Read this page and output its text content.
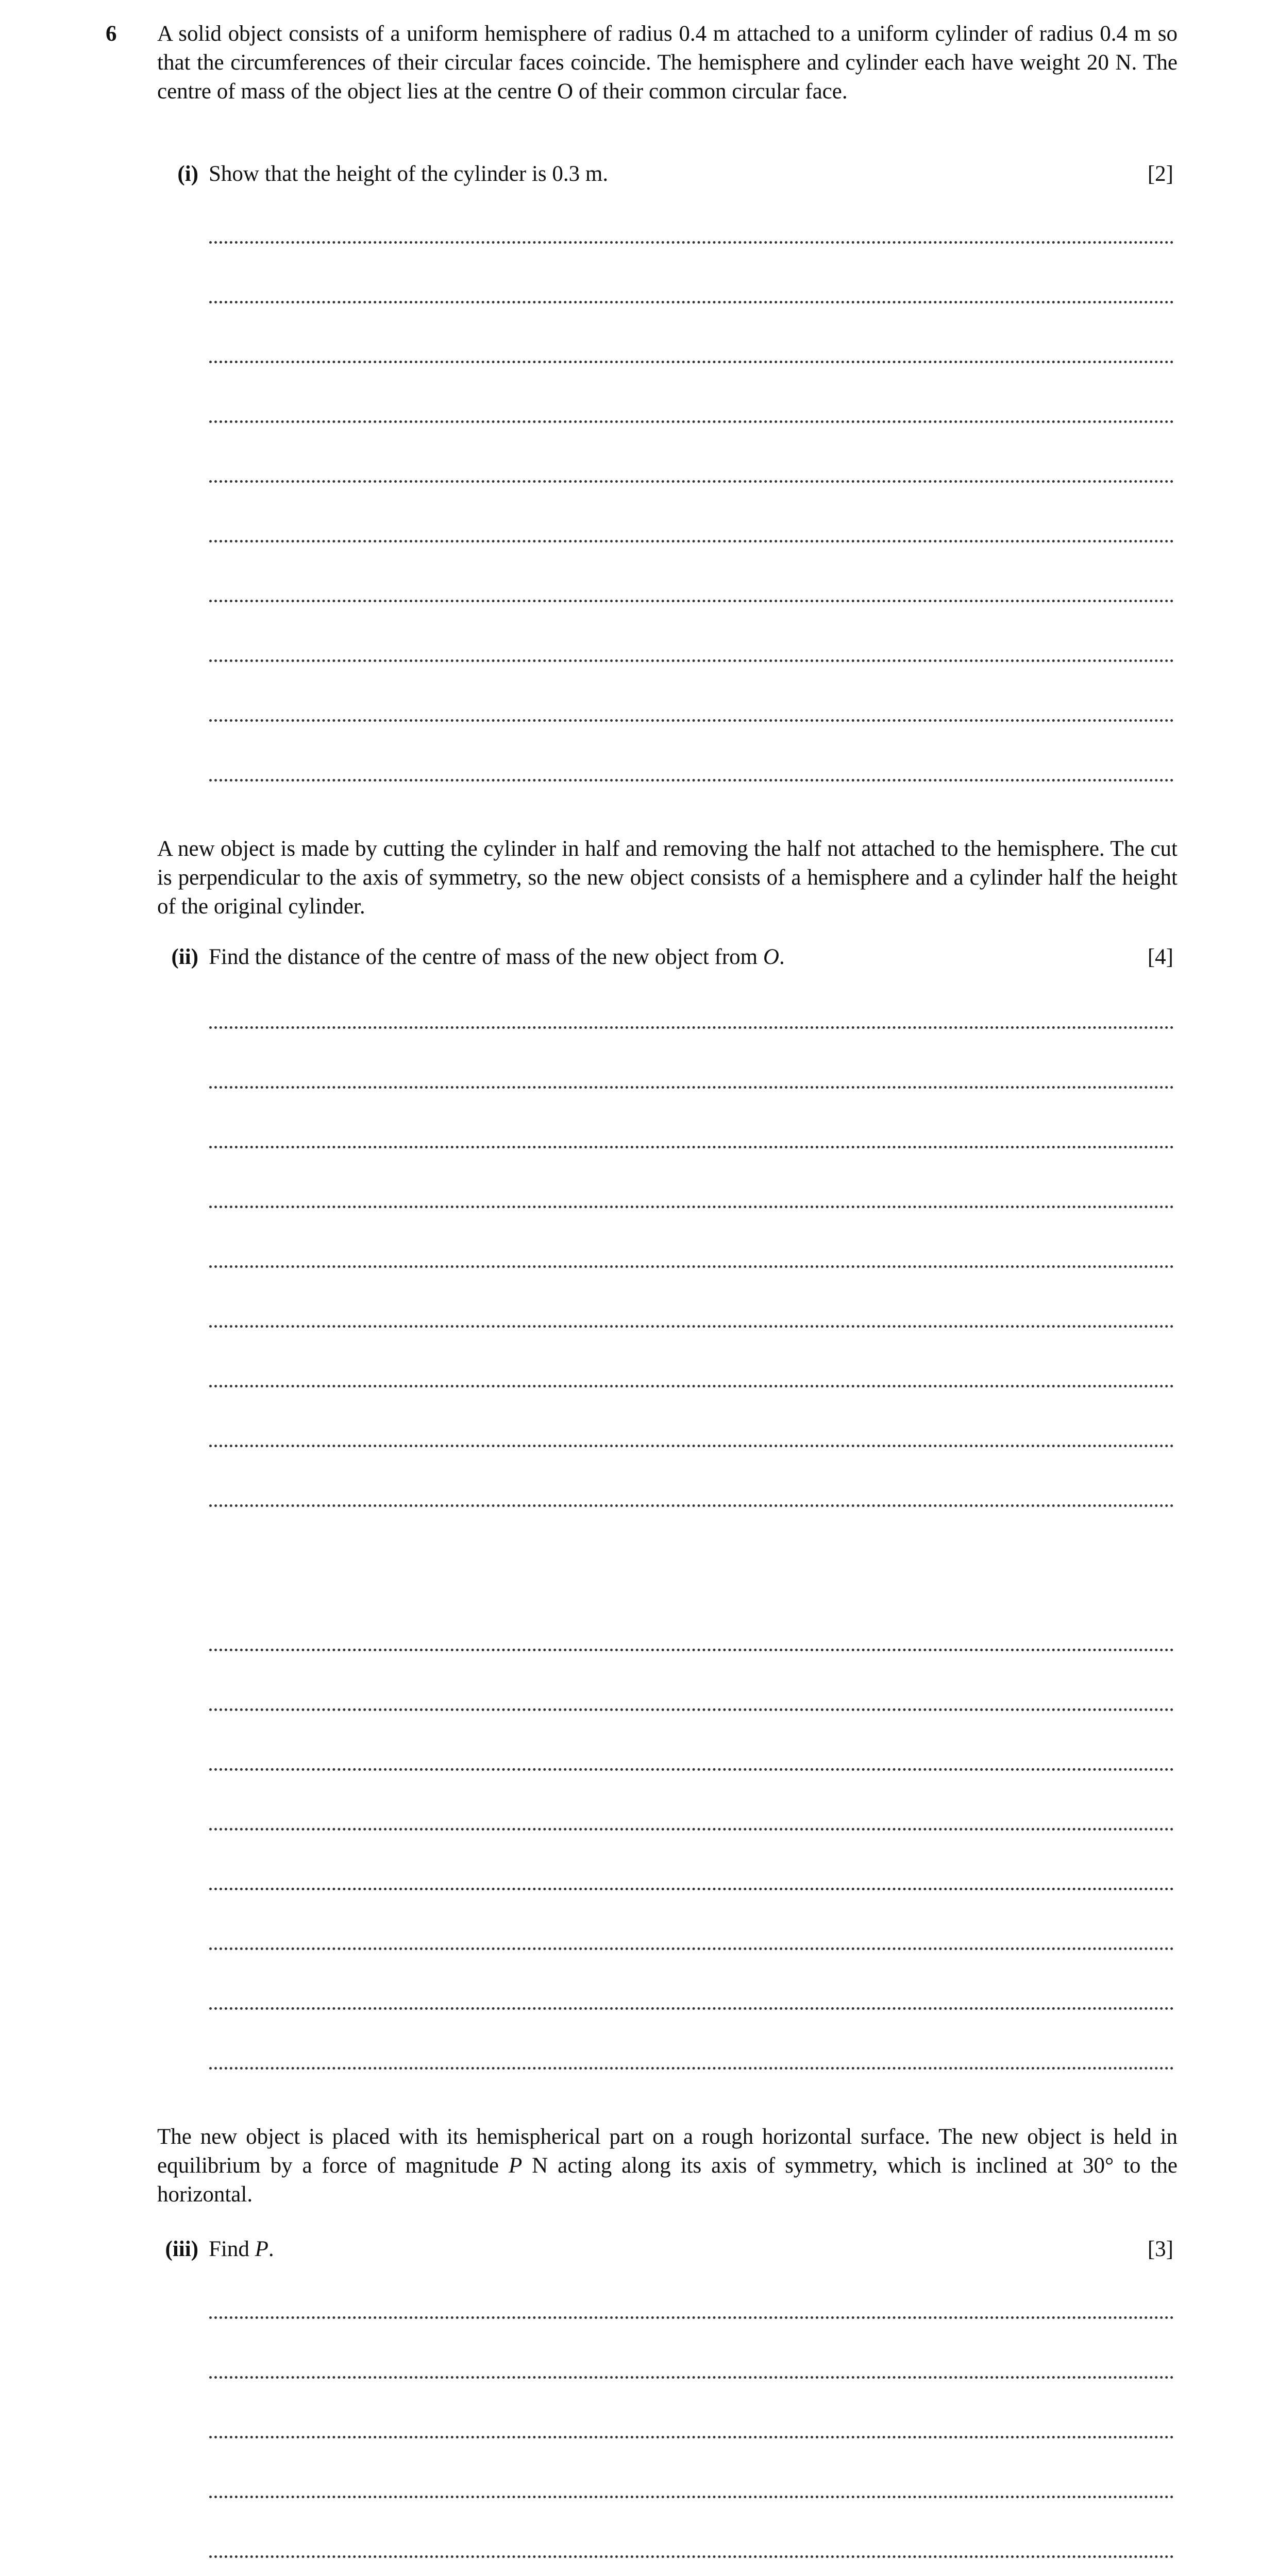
6 A solid object consists of a uniform hemisphere of radius 0.4 m attached to a uniform cylinder of radius 0.4 m so that the circumferences of their circular faces coincide. The hemisphere and cylinder each have weight 20 N. The centre of mass of the object lies at the centre O of their common circular face.
(i) Show that the height of the cylinder is 0.3 m.	[2]
A new object is made by cutting the cylinder in half and removing the half not attached to the hemisphere. The cut is perpendicular to the axis of symmetry, so the new object consists of a hemisphere and a cylinder half the height of the original cylinder.
(ii) Find the distance of the centre of mass of the new object from O.	[4]
The new object is placed with its hemispherical part on a rough horizontal surface. The new object is held in equilibrium by a force of magnitude P N acting along its axis of symmetry, which is inclined at 30° to the horizontal.
(iii) Find P.	[3]
